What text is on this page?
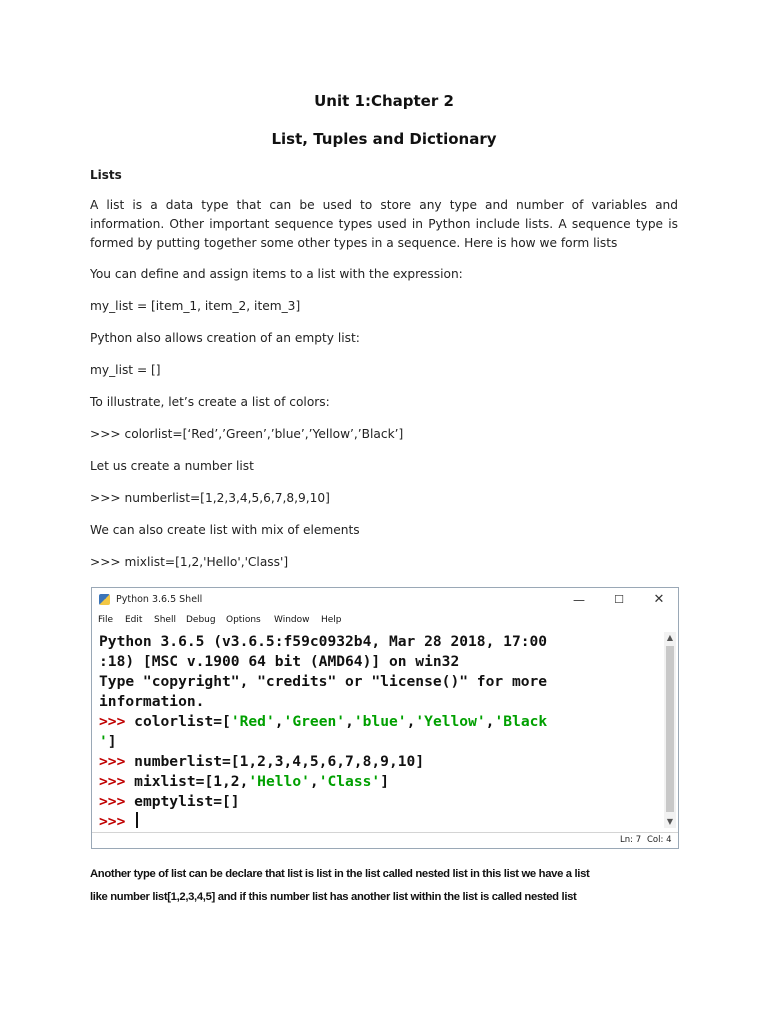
Unit 1:Chapter 2
List, Tuples and Dictionary
Lists
A list is a data type that can be used to store any type and number of variables and information. Other important sequence types used in Python include lists. A sequence type is formed by putting together some other types in a sequence. Here is how we form lists
You can define and assign items to a list with the expression:
my_list = [item_1, item_2, item_3]
Python also allows creation of an empty list:
my_list = []
To illustrate, let’s create a list of colors:
>>> colorlist=[‘Red’,’Green’,’blue’,’Yellow’,’Black’]
Let us create a number list
>>> numberlist=[1,2,3,4,5,6,7,8,9,10]
We can also create list with mix of elements
>>> mixlist=[1,2,'Hello','Class']
Python 3.6.5 Shell	—	☐	✕
File Edit Shell Debug Options Window Help
Python 3.6.5 (v3.6.5:f59c0932b4, Mar 28 2018, 17:00
:18) [MSC v.1900 64 bit (AMD64)] on win32
Type "copyright", "credits" or "license()" for more
information.
>>> colorlist=['Red','Green','blue','Yellow','Black
']
>>> numberlist=[1,2,3,4,5,6,7,8,9,10]
>>> mixlist=[1,2,'Hello','Class']
>>> emptylist=[]
>>>
▲
▼
Ln: 7 Col: 4
Another type of list can be declare that list is list in the list called nested list in this list we have a list
like number list[1,2,3,4,5] and if this number list has another list within the list is called nested list
